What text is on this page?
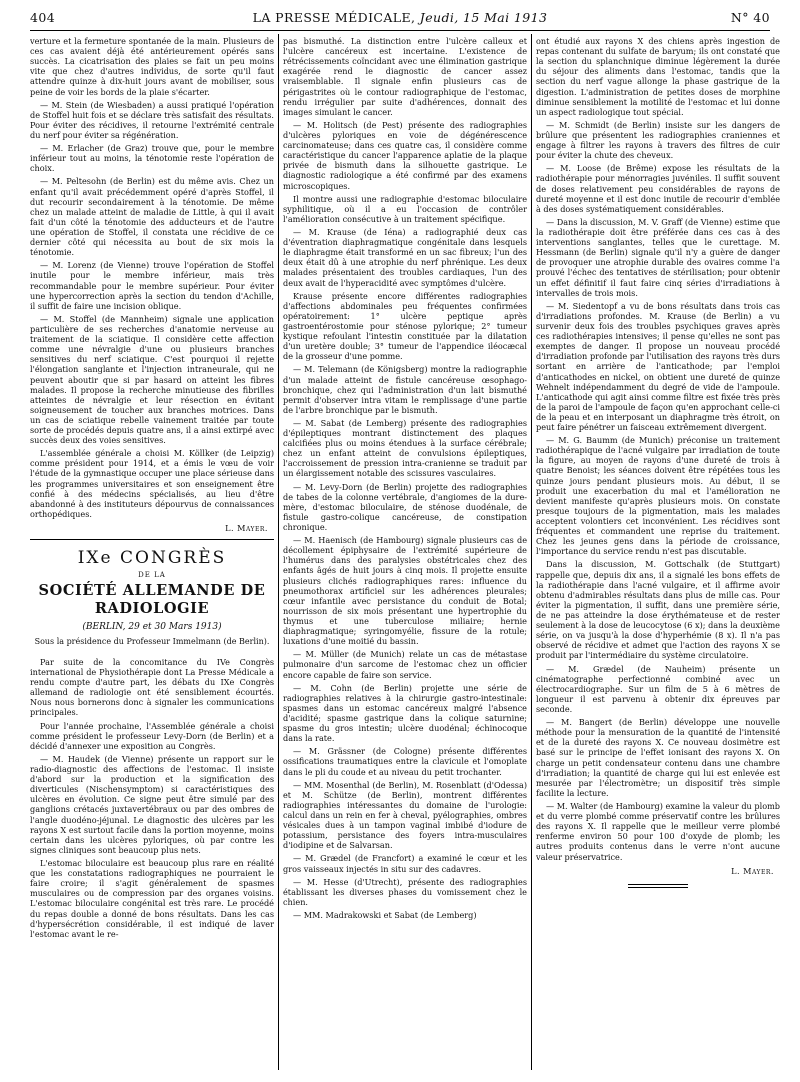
404	LA PRESSE MÉDICALE, Jeudi, 15 Mai 1913	N° 40

verture et la fermeture spontanée de la main. Plusieurs de ces cas avaient déjà été antérieurement opérés sans succès. La cicatrisation des plaies se fait un peu moins vite que chez d'autres individus, de sorte qu'il faut attendre quinze à dix-huit jours avant de mobiliser, sous peine de voir les bords de la plaie s'écarter.

— M. Stein (de Wiesbaden) a aussi pratiqué l'opération de Stoffel huit fois et se déclare très satisfait des résultats. Pour éviter des récidives, il retourne l'extrémité centrale du nerf pour éviter sa régénération.

— M. Erlacher (de Graz) trouve que, pour le membre inférieur tout au moins, la ténotomie reste l'opération de choix.

— M. Peltesohn (de Berlin) est du même avis. Chez un enfant qu'il avait précédemment opéré d'après Stoffel, il dut recourir secondairement à la ténotomie. De même chez un malade atteint de maladie de Little, à qui il avait fait d'un côté la ténotomie des adducteurs et de l'autre une opération de Stoffel, il constata une récidive de ce dernier côté qui nécessita au bout de six mois la ténotomie.

— M. Lorenz (de Vienne) trouve l'opération de Stoffel inutile pour le membre inférieur, mais très recommandable pour le membre supérieur. Pour éviter une hypercorrection après la section du tendon d'Achille, il suffit de faire une incision oblique.

— M. Stoffel (de Mannheim) signale une application particulière de ses recherches d'anatomie nerveuse au traitement de la sciatique. Il considère cette affection comme une névralgie d'une ou plusieurs branches sensitives du nerf sciatique. C'est pourquoi il rejette l'élongation sanglante et l'injection intraneurale, qui ne peuvent aboutir que si par hasard on atteint les fibres malades. Il propose la recherche minutieuse des fibrilles atteintes de névralgie et leur résection en évitant soigneusement de toucher aux branches motrices. Dans un cas de sciatique rebelle vainement traitée par toute sorte de procédés depuis quatre ans, il a ainsi extirpé avec succès deux des voies sensitives.

L'assemblée générale a choisi M. Köllker (de Leipzig) comme président pour 1914, et a émis le vœu de voir l'étude de la gymnastique occuper une place sérieuse dans les programmes universitaires et son enseignement être confié à des médecins spécialisés, au lieu d'être abandonné à des instituteurs dépourvus de connaissances orthopédiques.

L. Mayer.
IXe CONGRÈS
DE LA
SOCIÉTÉ ALLEMANDE DE RADIOLOGIE
(BERLIN, 29 et 30 Mars 1913)
Sous la présidence du Professeur Immelmann (de Berlin).

Par suite de la concomitance du IVe Congrès international de Physiothérapie dont La Presse Médicale a rendu compte d'autre part, les débats du IXe Congrès allemand de radiologie ont été sensiblement écourtés. Nous nous bornerons donc à signaler les communications principales.

Pour l'année prochaine, l'Assemblée générale a choisi comme président le professeur Levy-Dorn (de Berlin) et a décidé d'annexer une exposition au Congrès.

— M. Haudek (de Vienne) présente un rapport sur le radio-diagnostic des affections de l'estomac. Il insiste d'abord sur la production et la signification des diverticules (Nischensymptom) si caractéristiques des ulcères en évolution. Ce signe peut être simulé par des ganglions crétacés juxtavertébraux ou par des ombres de l'angle duodéno-jéjunal. Le diagnostic des ulcères par les rayons X est surtout facile dans la portion moyenne, moins certain dans les ulcères pyloriques, où par contre les signes cliniques sont beaucoup plus nets.

L'estomac biloculaire est beaucoup plus rare en réalité que les constatations radiographiques ne pourraient le faire croire; il s'agit généralement de spasmes musculaires ou de compression par des organes voisins. L'estomac biloculaire congénital est très rare. Le procédé du repas double a donné de bons résultats. Dans les cas d'hypersécrétion considérable, il est indiqué de laver l'estomac avant le re-

pas bismuthé. La distinction entre l'ulcère calleux et l'ulcère cancéreux est incertaine. L'existence de rétrécissements coïncidant avec une élimination gastrique exagérée rend le diagnostic de cancer assez vraisemblable. Il signale enfin plusieurs cas de périgastrites où le contour radiographique de l'estomac, rendu irrégulier par suite d'adhérences, donnait des images simulant le cancer.

— M. Holitsch (de Pest) présente des radiographies d'ulcères pyloriques en voie de dégénérescence carcinomateuse; dans ces quatre cas, il considère comme caractéristique du cancer l'apparence aplatie de la plaque privée de bismuth dans la silhouette gastrique. Le diagnostic radiologique a été confirmé par des examens microscopiques.

Il montre aussi une radiographie d'estomac biloculaire syphilitique, où il a eu l'occasion de contrôler l'amélioration consécutive à un traitement spécifique.

— M. Krause (de Iéna) a radiographié deux cas d'éventration diaphragmatique congénitale dans lesquels le diaphragme était transformé en un sac fibreux; l'un des deux était dû à une atrophie du nerf phrénique. Les deux malades présentaient des troubles cardiaques, l'un des deux avait de l'hyperacidité avec symptômes d'ulcère.

Krause présente encore différentes radiographies d'affections abdominales peu fréquentes confirmées opératoirement: 1° ulcère peptique après gastroentérostomie pour sténose pylorique; 2° tumeur kystique refoulant l'intestin constituée par la dilatation d'un uretère double; 3° tumeur de l'appendice iléocæcal de la grosseur d'une pomme.

— M. Telemann (de Königsberg) montre la radiographie d'un malade atteint de fistule cancéreuse œsophago-bronchique, chez qui l'administration d'un lait bismuthé permit d'observer intra vitam le remplissage d'une partie de l'arbre bronchique par le bismuth.

— M. Sabat (de Lemberg) présente des radiographies d'épileptiques montrant distinctement des plaques calcifiées plus ou moins étendues à la surface cérébrale; chez un enfant atteint de convulsions épileptiques, l'accroissement de pression intra-cranienne se traduit par un élargissement notable des scissures vasculaires.

— M. Levy-Dorn (de Berlin) projette des radiographies de tabes de la colonne vertébrale, d'angiomes de la dure-mère, d'estomac biloculaire, de sténose duodénale, de fistule gastro-colique cancéreuse, de constipation chronique.

— M. Haenisch (de Hambourg) signale plusieurs cas de décollement épiphysaire de l'extrémité supérieure de l'humérus dans des paralysies obstétricales chez des enfants âgés de huit jours à cinq mois. Il projette ensuite plusieurs clichés radiographiques rares: influence du pneumothorax artificiel sur les adhérences pleurales; cœur infantile avec persistance du conduit de Botal; nourrisson de six mois présentant une hypertrophie du thymus et une tuberculose miliaire; hernie diaphragmatique; syringomyélie, fissure de la rotule; luxations d'une moitié du bassin.

— M. Müller (de Munich) relate un cas de métastase pulmonaire d'un sarcome de l'estomac chez un officier encore capable de faire son service.

— M. Cohn (de Berlin) projette une série de radiographies relatives à la chirurgie gastro-intestinale: spasmes dans un estomac cancéreux malgré l'absence d'acidité; spasme gastrique dans la colique saturnine; spasme du gros intestin; ulcère duodénal; échinocoque dans la rate.

— M. Grässner (de Cologne) présente différentes ossifications traumatiques entre la clavicule et l'omoplate dans le pli du coude et au niveau du petit trochanter.

— MM. Mosenthal (de Berlin), M. Rosenblatt (d'Odessa) et M. Schütze (de Berlin), montrent différentes radiographies intéressantes du domaine de l'urologie: calcul dans un rein en fer à cheval, pyélographies, ombres vésicales dues à un tampon vaginal imbibé d'iodure de potassium, persistance des foyers intra-musculaires d'iodipine et de Salvarsan.

— M. Grædel (de Francfort) a examiné le cœur et les gros vaisseaux injectés in situ sur des cadavres.

— M. Hesse (d'Utrecht), présente des radiographies établissant les diverses phases du vomissement chez le chien.

— MM. Madrakowski et Sabat (de Lemberg)

ont étudié aux rayons X des chiens après ingestion de repas contenant du sulfate de baryum; ils ont constaté que la section du splanchnique diminue légèrement la durée du séjour des aliments dans l'estomac, tandis que la section du nerf vague allonge la phase gastrique de la digestion. L'administration de petites doses de morphine diminue sensiblement la motilité de l'estomac et lui donne un aspect radiologique tout spécial.

— M. Schmidt (de Berlin) insiste sur les dangers de brûlure que présentent les radiographies craniennes et engage à filtrer les rayons à travers des filtres de cuir pour éviter la chute des cheveux.

— M. Loose (de Brême) expose les résultats de la radiothérapie pour ménorragies juvéniles. Il suffit souvent de doses relativement peu considérables de rayons de dureté moyenne et il est donc inutile de recourir d'emblée à des doses systématiquement considérables.

— Dans la discussion, M. V. Graff (de Vienne) estime que la radiothérapie doit être préférée dans ces cas à des interventions sanglantes, telles que le curettage. M. Hessmann (de Berlin) signale qu'il n'y a guère de danger de provoquer une atrophie durable des ovaires comme l'a prouvé l'échec des tentatives de stérilisation; pour obtenir un effet définitif il faut faire cinq séries d'irradiations à intervalles de trois mois.

— M. Siedentopf a vu de bons résultats dans trois cas d'irradiations profondes. M. Krause (de Berlin) a vu survenir deux fois des troubles psychiques graves après ces radiothérapies intensives; il pense qu'elles ne sont pas exemptes de danger. Il propose un nouveau procédé d'irradiation profonde par l'utilisation des rayons très durs sortant en arrière de l'anticathode; par l'emploi d'anticathodes en nickel, on obtient une dureté de quinze Wehnelt indépendamment du degré de vide de l'ampoule. L'anticathode qui agit ainsi comme filtre est fixée très près de la paroi de l'ampoule de façon qu'en approchant celle-ci de la peau et en interposant un diaphragme très étroit, on peut faire pénétrer un faisceau extrêmement divergent.

— M. G. Baumm (de Munich) préconise un traitement radiothérapique de l'acné vulgaire par irradiation de toute la figure, au moyen de rayons d'une dureté de trois à quatre Benoist; les séances doivent être répétées tous les quinze jours pendant plusieurs mois. Au début, il se produit une exacerbation du mal et l'amélioration ne devient manifeste qu'après plusieurs mois. On constate presque toujours de la pigmentation, mais les malades acceptent volontiers cet inconvénient. Les récidives sont fréquentes et commandent une reprise du traitement. Chez les jeunes gens dans la période de croissance, l'importance du service rendu n'est pas discutable.

Dans la discussion, M. Gottschalk (de Stuttgart) rappelle que, depuis dix ans, il a signalé les bons effets de la radiothérapie dans l'acné vulgaire, et il affirme avoir obtenu d'admirables résultats dans plus de mille cas. Pour éviter la pigmentation, il suffit, dans une première série, de ne pas atteindre la dose érythémateuse et de rester seulement à la dose de leucocytose (6 x); dans la deuxième série, on va jusqu'à la dose d'hyperhémie (8 x). Il n'a pas observé de récidive et admet que l'action des rayons X se produit par l'intermédiaire du système circulatoire.

— M. Grædel (de Nauheim) présente un cinématographe perfectionné combiné avec un électrocardiographe. Sur un film de 5 à 6 mètres de longueur il est parvenu à obtenir dix épreuves par seconde.

— M. Bangert (de Berlin) développe une nouvelle méthode pour la mensuration de la quantité de l'intensité et de la dureté des rayons X. Ce nouveau dosimètre est basé sur le principe de l'effet ionisant des rayons X. On charge un petit condensateur contenu dans une chambre d'irradiation; la quantité de charge qui lui est enlevée est mesurée par l'électromètre; un dispositif très simple facilite la lecture.

— M. Walter (de Hambourg) examine la valeur du plomb et du verre plombé comme préservatif contre les brûlures des rayons X. Il rappelle que le meilleur verre plombé renferme environ 50 pour 100 d'oxyde de plomb; les autres produits contenus dans le verre n'ont aucune valeur préservatrice.

L. Mayer.
